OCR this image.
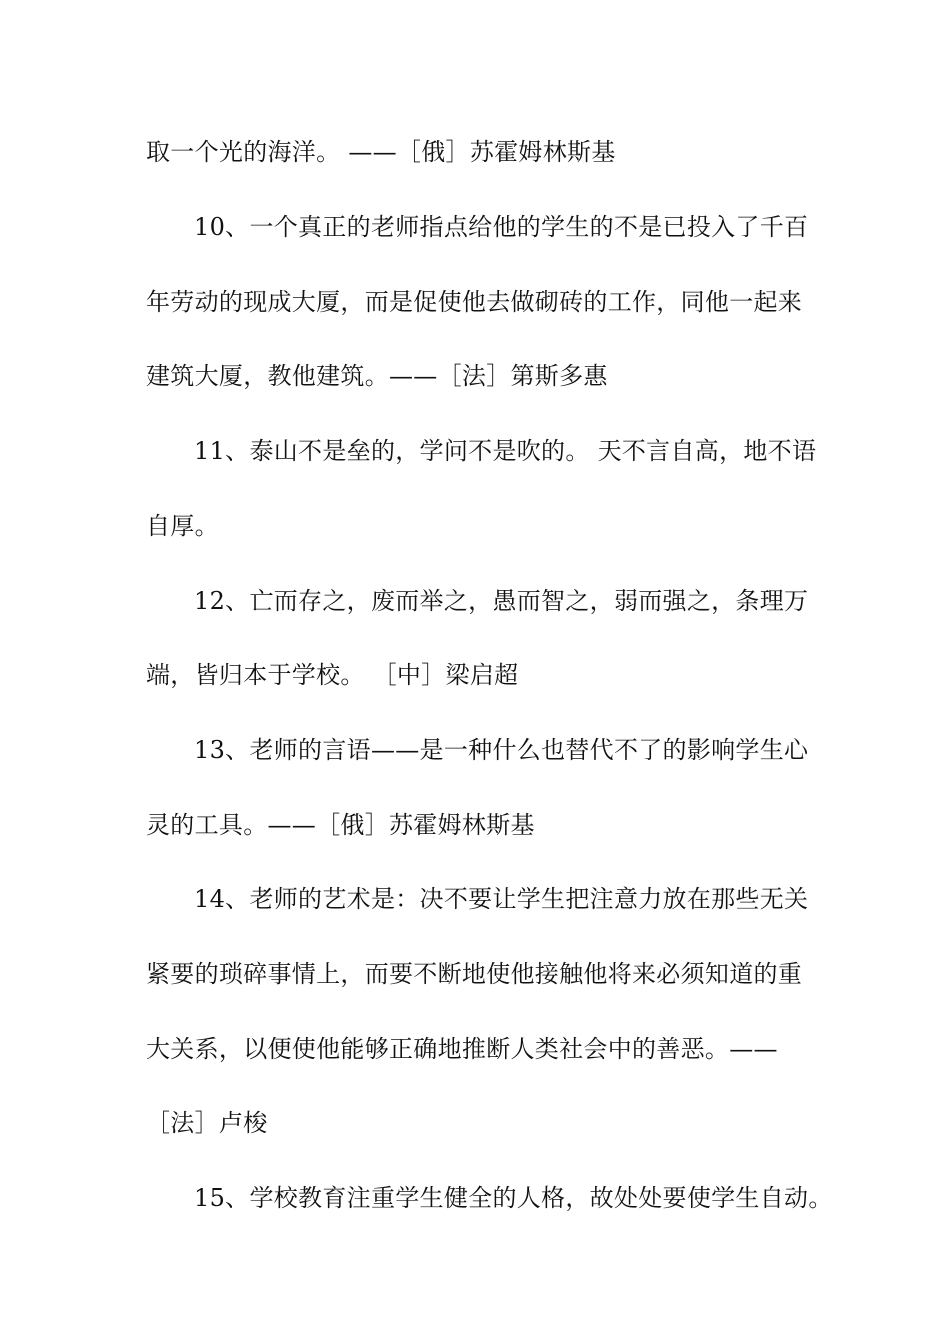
取一个光的海洋。 ——［俄］苏霍姆林斯基
10、一个真正的老师指点给他的学生的不是已投入了千百
年劳动的现成大厦，而是促使他去做砌砖的工作，同他一起来
建筑大厦，教他建筑。——［法］第斯多惠
11、泰山不是垒的，学问不是吹的。 天不言自高，地不语
自厚。
12、亡而存之，废而举之，愚而智之，弱而强之，条理万
端，皆归本于学校。 ［中］梁启超
13、老师的言语——是一种什么也替代不了的影响学生心
灵的工具。——［俄］苏霍姆林斯基
14、老师的艺术是：决不要让学生把注意力放在那些无关
紧要的琐碎事情上，而要不断地使他接触他将来必须知道的重
大关系，以便使他能够正确地推断人类社会中的善恶。——
［法］卢梭
15、学校教育注重学生健全的人格，故处处要使学生自动。
